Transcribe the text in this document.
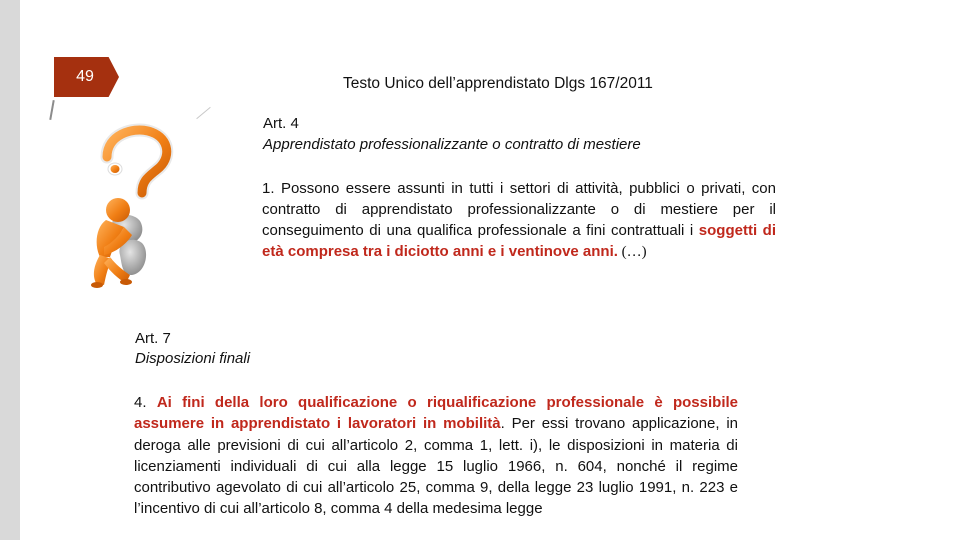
49	Testo Unico dell’apprendistato Dlgs 167/2011
Art. 4
Apprendistato professionalizzante o contratto di mestiere
1. Possono essere assunti in tutti i settori di attività, pubblici o privati, con contratto di apprendistato professionalizzante o di mestiere per il conseguimento di una qualifica professionale a fini contrattuali i soggetti di età compresa tra i diciotto anni e i ventinove anni. (…)
Art. 7
Disposizioni finali
4. Ai fini della loro qualificazione o riqualificazione professionale è possibile assumere in apprendistato i lavoratori in mobilità. Per essi trovano applicazione, in deroga alle previsioni di cui all’articolo 2, comma 1, lett. i), le disposizioni in materia di licenziamenti individuali di cui alla legge 15 luglio 1966, n. 604, nonché il regime contributivo agevolato di cui all’articolo 25, comma 9, della legge 23 luglio 1991, n. 223 e l’incentivo di cui all’articolo 8, comma 4 della medesima legge
